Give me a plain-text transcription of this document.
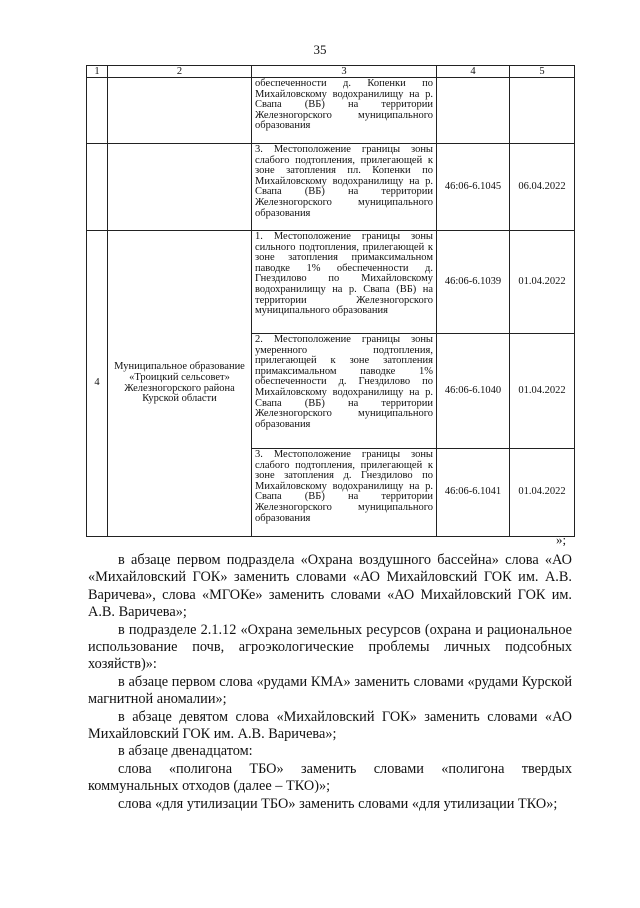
35
1	2	3	4	5
		обеспеченности д. Копенки по Михайловскому водохранилищу на р. Свапа (ВБ) на территории Железногорского муниципального образования		
		3. Местоположение границы зоны слабого подтопления, прилегающей к зоне затопления пл. Копенки по Михайловскому водохранилищу на р. Свапа (ВБ) на территории Железногорского муниципального образования	46:06-6.1045	06.04.2022
4	Муниципальное образование «Троицкий сельсовет» Железногорского района Курской области	1. Местоположение границы зоны сильного подтопления, прилегающей к зоне затопления примаксимальном паводке 1% обеспеченности д. Гнездилово по Михайловскому водохранилищу на р. Свапа (ВБ) на территории Железногорского муниципального образования	46:06-6.1039	01.04.2022
		2. Местоположение границы зоны умеренного подтопления, прилегающей к зоне затопления примаксимальном паводке 1% обеспеченности д. Гнездилово по Михайловскому водохранилищу на р. Свапа (ВБ) на территории Железногорского муниципального образования	46:06-6.1040	01.04.2022
		3. Местоположение границы зоны слабого подтопления, прилегающей к зоне затопления д. Гнездилово по Михайловскому водохранилищу на р. Свапа (ВБ) на территории Железногорского муниципального образования	46:06-6.1041	01.04.2022
»;

в абзаце первом подраздела «Охрана воздушного бассейна» слова «АО «Михайловский ГОК» заменить словами «АО Михайловский ГОК им. А.В. Варичева», слова «МГОКе» заменить словами «АО Михайловский ГОК им. А.В. Варичева»;

в подразделе 2.1.12 «Охрана земельных ресурсов (охрана и рациональное использование почв, агроэкологические проблемы личных подсобных хозяйств)»:

в абзаце первом слова «рудами КМА» заменить словами «рудами Курской магнитной аномалии»;

в абзаце девятом слова «Михайловский ГОК» заменить словами «АО Михайловский ГОК им. А.В. Варичева»;

в абзаце двенадцатом:

слова «полигона ТБО» заменить словами «полигона твердых коммунальных отходов (далее – ТКО)»;

слова «для утилизации ТБО» заменить словами «для утилизации ТКО»;
